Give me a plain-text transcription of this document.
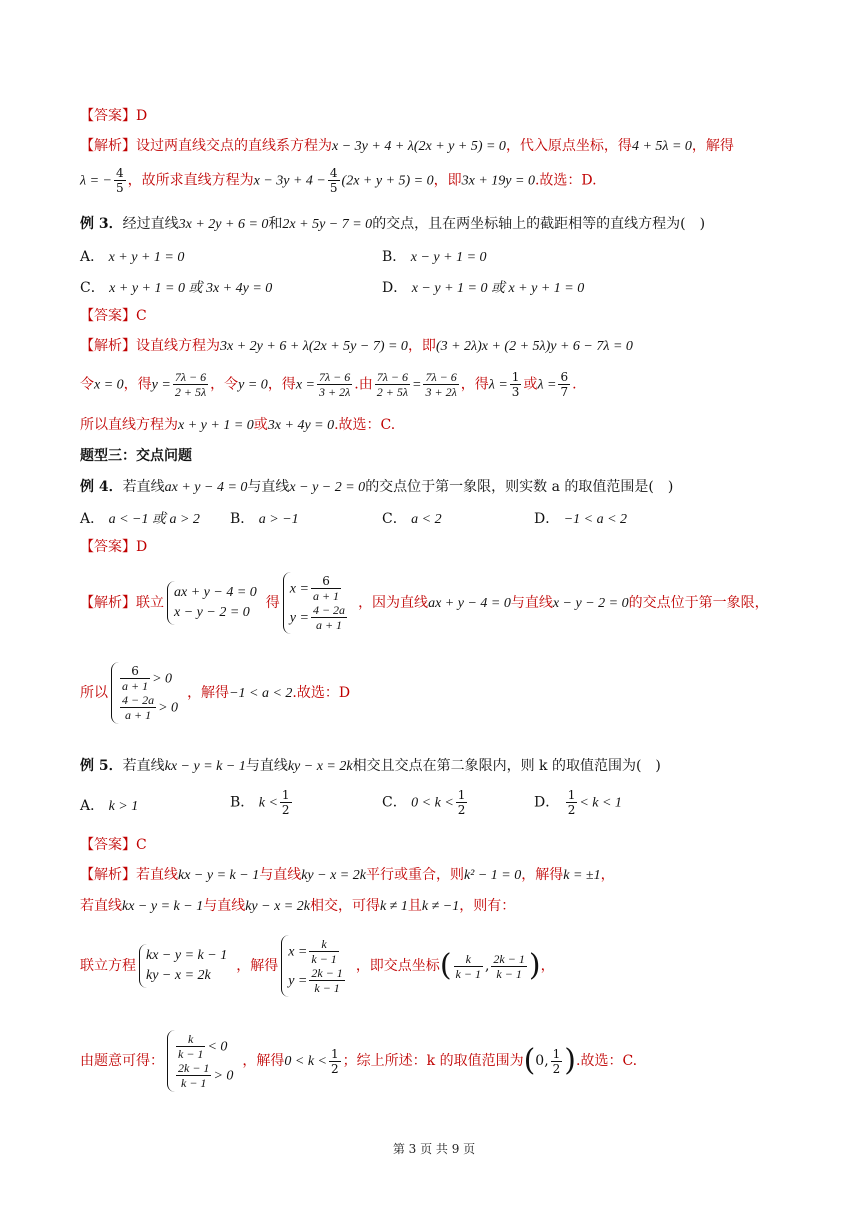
【答案】D
【解析】设过两直线交点的直线系方程为x − 3y + 4 + λ(2x + y + 5) = 0，代入原点坐标，得4 + 5λ = 0，解得
λ = − $\frac{4}{5}$ ，故所求直线方程为$x - 3y + 4 - \frac{4}{5} (2x + y + 5) = 0$，即3x + 19y = 0.故选：D.
例 3．经过直线3x + 2y + 6 = 0和2x + 5y − 7 = 0的交点，且在两坐标轴上的截距相等的直线方程为(　)
A． x + y + 1 = 0	B． x − y + 1 = 0
C． x + y + 1 = 0 或 3x + 4y = 0	D． x − y + 1 = 0 或 x + y + 1 = 0
【答案】C
【解析】设直线方程为3x + 2y + 6 + λ(2x + 5y − 7) = 0，即(3 + 2λ)x + (2 + 5λ)y + 6 − 7λ = 0
令x = 0，得$y = \frac{7\lambda - 6}{2 + 5\lambda}$ ，令y = 0，得$x = \frac{7\lambda - 6}{3 + 2\lambda}$ .由 $\frac{7\lambda - 6}{2 + 5\lambda} = \frac{7\lambda - 6}{3 + 2\lambda}$ ，得$\lambda = \frac{1}{3}$ 或$\lambda = \frac{6}{7}$ .
所以直线方程为x + y + 1 = 0或3x + 4y = 0.故选：C.
题型三：交点问题
例 4．若直线ax + y − 4 = 0与直线x − y − 2 = 0的交点位于第一象限，则实数 a 的取值范围是(　)
A． a < −1 或 a > 2 B． a > −1	C． a < 2	D． −1 < a < 2
【答案】D
【解析】联立
ax + y − 4 = 0
x − y − 2 = 0
得
$x = \frac{6}{a + 1}$
$y = \frac{4 - 2a}{a + 1}$ ，因为直线ax + y − 4 = 0与直线x − y − 2 = 0的交点位于第一象限，
所以 $\frac{6}{a + 1} > 0$
$\frac{4 - 2a}{a + 1} > 0$
，解得−1 < a < 2.故选：D
例 5．若直线kx − y = k − 1与直线ky − x = 2k相交且交点在第二象限内，则 k 的取值范围为(　)
A． k > 1	B． $k < \frac{1}{2}$	C． $0 < k < \frac{1}{2}$	D． $\frac{1}{2} < k < 1$
【答案】C
【解析】若直线kx − y = k − 1与直线ky − x = 2k平行或重合，则k² − 1 = 0，解得k = ±1，
若直线kx − y = k − 1与直线ky − x = 2k相交，可得k ≠ 1且k ≠ −1，则有：
联立方程
kx − y = k − 1
ky − x = 2k
，解得
$x = \frac{k}{k - 1}$
$y = \frac{2k - 1}{k - 1}$ ，即交点坐标( $\frac{k}{k - 1}$ , $\frac{2k - 1}{k - 1}$ )，
由题意可得： $\frac{k}{k - 1} < 0$
$\frac{2k - 1}{k - 1} > 0$
，解得$0 < k < \frac{1}{2}$ ；综上所述：k 的取值范围为(0, $\frac{1}{2}$ ).故选：C.
第 3 页 共 9 页
